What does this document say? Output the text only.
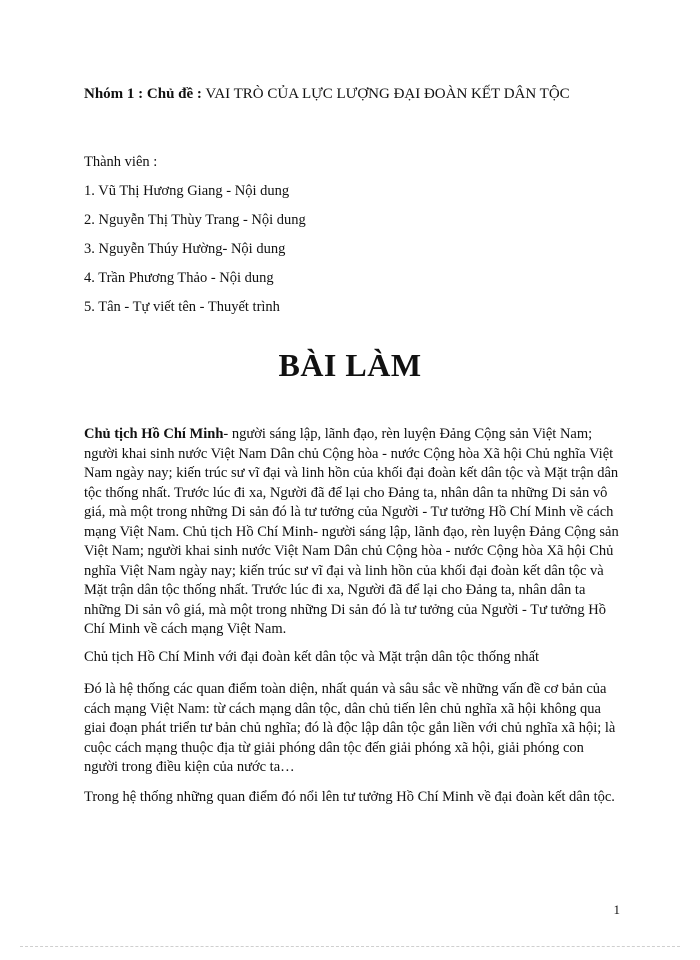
Nhóm 1 : Chủ đề : VAI TRÒ CỦA LỰC LƯỢNG ĐẠI ĐOÀN KẾT DÂN TỘC
Thành viên :
1. Vũ Thị Hương Giang - Nội dung
2. Nguyễn Thị Thùy Trang - Nội dung
3. Nguyễn Thúy Hường- Nội dung
4. Trần Phương Thảo - Nội dung
5. Tân - Tự viết tên - Thuyết trình
BÀI LÀM

Chủ tịch Hồ Chí Minh- người sáng lập, lãnh đạo, rèn luyện Đảng Cộng sản Việt Nam; người khai sinh nước Việt Nam Dân chủ Cộng hòa - nước Cộng hòa Xã hội Chủ nghĩa Việt Nam ngày nay; kiến trúc sư vĩ đại và linh hồn của khối đại đoàn kết dân tộc và Mặt trận dân tộc thống nhất. Trước lúc đi xa, Người đã để lại cho Đảng ta, nhân dân ta những Di sản vô giá, mà một trong những Di sản đó là tư tưởng của Người - Tư tưởng Hồ Chí Minh về cách mạng Việt Nam. Chủ tịch Hồ Chí Minh- người sáng lập, lãnh đạo, rèn luyện Đảng Cộng sản Việt Nam; người khai sinh nước Việt Nam Dân chủ Cộng hòa - nước Cộng hòa Xã hội Chủ nghĩa Việt Nam ngày nay; kiến trúc sư vĩ đại và linh hồn của khối đại đoàn kết dân tộc và Mặt trận dân tộc thống nhất. Trước lúc đi xa, Người đã để lại cho Đảng ta, nhân dân ta những Di sản vô giá, mà một trong những Di sản đó là tư tưởng của Người - Tư tưởng Hồ Chí Minh về cách mạng Việt Nam.

Chủ tịch Hồ Chí Minh với đại đoàn kết dân tộc và Mặt trận dân tộc thống nhất

Đó là hệ thống các quan điểm toàn diện, nhất quán và sâu sắc về những vấn đề cơ bản của cách mạng Việt Nam: từ cách mạng dân tộc, dân chủ tiến lên chủ nghĩa xã hội không qua giai đoạn phát triển tư bản chủ nghĩa; đó là độc lập dân tộc gắn liền với chủ nghĩa xã hội; là cuộc cách mạng thuộc địa từ giải phóng dân tộc đến giải phóng xã hội, giải phóng con người trong điều kiện của nước ta…

Trong hệ thống những quan điểm đó nổi lên tư tưởng Hồ Chí Minh về đại đoàn kết dân tộc.

1
